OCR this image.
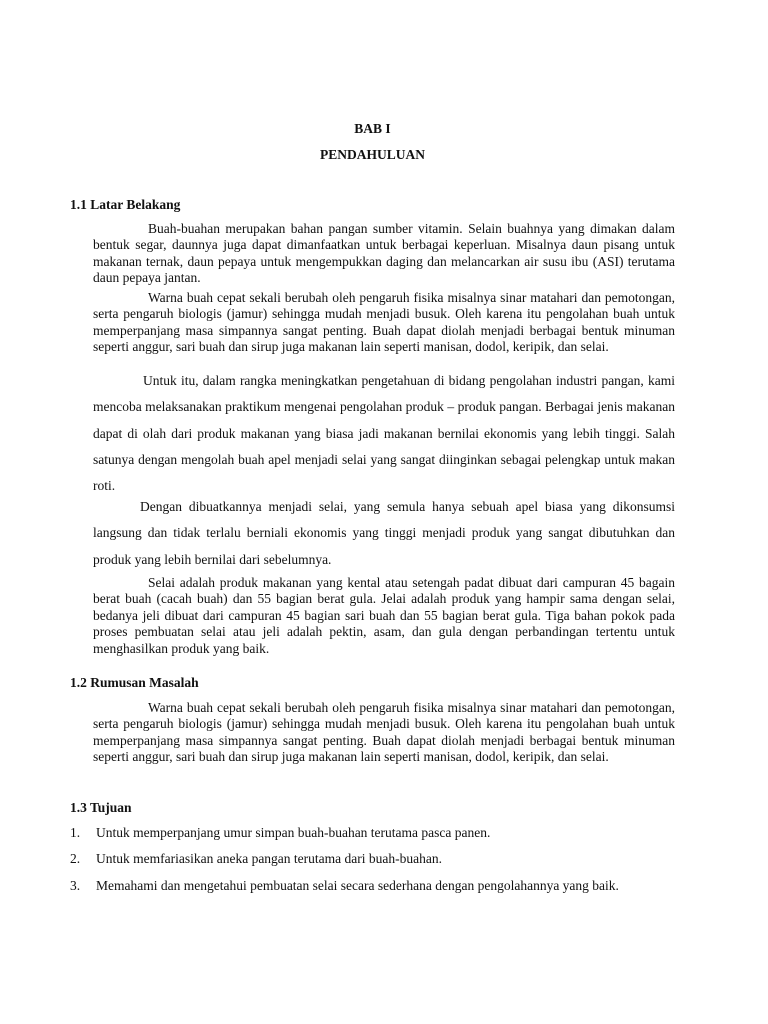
BAB I
PENDAHULUAN
1.1 Latar Belakang

Buah-buahan merupakan bahan pangan sumber vitamin. Selain buahnya yang dimakan dalam bentuk segar, daunnya juga dapat dimanfaatkan untuk berbagai keperluan. Misalnya daun pisang untuk makanan ternak, daun pepaya untuk mengempukkan daging dan melancarkan air susu ibu (ASI) terutama daun pepaya jantan.

Warna buah cepat sekali berubah oleh pengaruh fisika misalnya sinar matahari dan pemotongan, serta pengaruh biologis (jamur) sehingga mudah menjadi busuk. Oleh karena itu pengolahan buah untuk memperpanjang masa simpannya sangat penting. Buah dapat diolah menjadi berbagai bentuk minuman seperti anggur, sari buah dan sirup juga makanan lain seperti manisan, dodol, keripik, dan selai.

Untuk itu, dalam rangka meningkatkan pengetahuan di bidang pengolahan industri pangan, kami mencoba melaksanakan praktikum mengenai pengolahan produk – produk pangan. Berbagai jenis makanan dapat di olah dari produk makanan yang biasa jadi makanan bernilai ekonomis yang lebih tinggi. Salah satunya dengan mengolah buah apel menjadi selai yang sangat diinginkan sebagai pelengkap untuk makan roti.

Dengan dibuatkannya menjadi selai, yang semula hanya sebuah apel biasa yang dikonsumsi langsung dan tidak terlalu berniali ekonomis yang tinggi menjadi produk yang sangat dibutuhkan dan produk yang lebih bernilai dari sebelumnya.

Selai adalah produk makanan yang kental atau setengah padat dibuat dari campuran 45 bagain berat buah (cacah buah) dan 55 bagian berat gula. Jelai adalah produk yang hampir sama dengan selai, bedanya jeli dibuat dari campuran 45 bagian sari buah dan 55 bagian berat gula. Tiga bahan pokok pada proses pembuatan selai atau jeli adalah pektin, asam, dan gula dengan perbandingan tertentu untuk menghasilkan produk yang baik.

1.2 Rumusan Masalah

Warna buah cepat sekali berubah oleh pengaruh fisika misalnya sinar matahari dan pemotongan, serta pengaruh biologis (jamur) sehingga mudah menjadi busuk. Oleh karena itu pengolahan buah untuk memperpanjang masa simpannya sangat penting. Buah dapat diolah menjadi berbagai bentuk minuman seperti anggur, sari buah dan sirup juga makanan lain seperti manisan, dodol, keripik, dan selai.

1.3 Tujuan
1. Untuk memperpanjang umur simpan buah-buahan terutama pasca panen.
2. Untuk memfariasikan aneka pangan terutama dari buah-buahan.
3. Memahami dan mengetahui pembuatan selai secara sederhana dengan pengolahannya yang baik.
